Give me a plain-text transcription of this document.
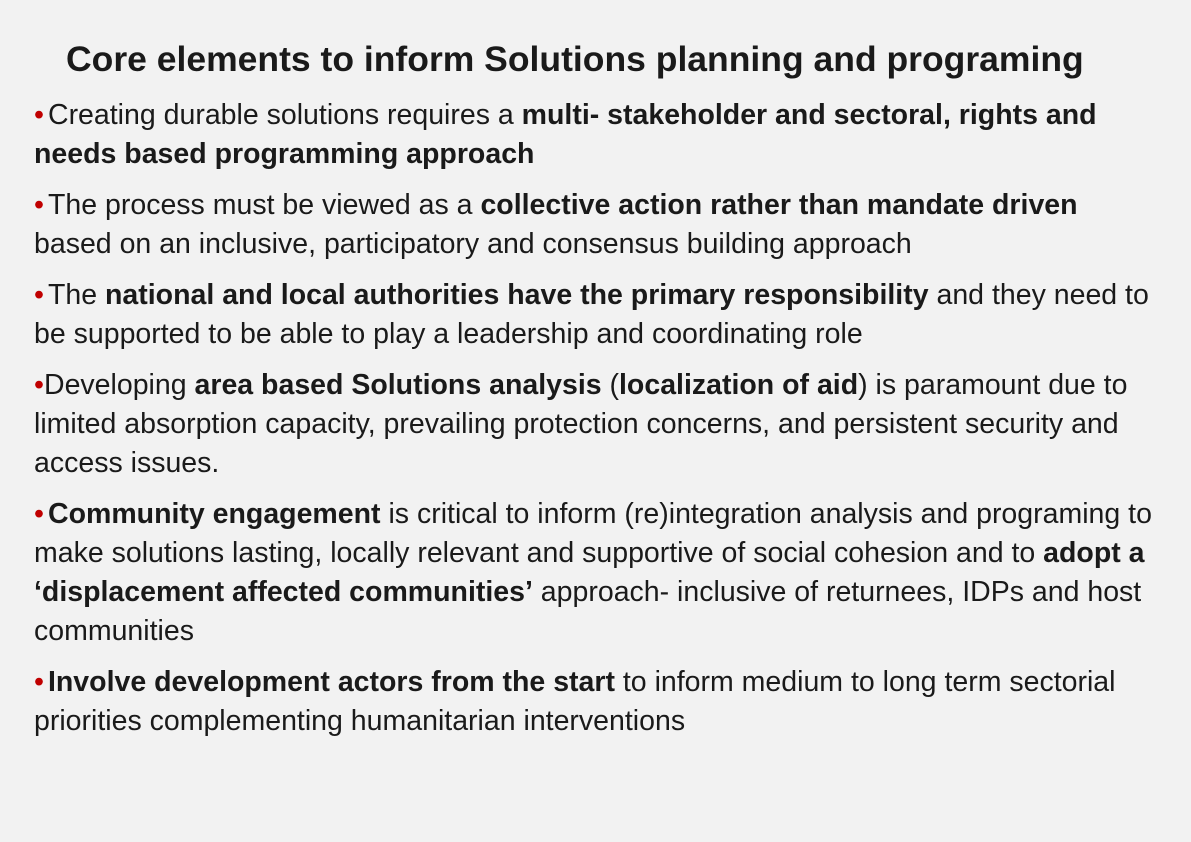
Core elements to inform Solutions planning and programing
• Creating durable solutions requires a multi- stakeholder and sectoral, rights and needs based programming approach
• The process must be viewed as a collective action rather than mandate driven based on an inclusive, participatory and consensus building approach
• The national and local authorities have the primary responsibility and they need to be supported to be able to play a leadership and coordinating role
•Developing area based Solutions analysis (localization of aid) is paramount due to limited absorption capacity, prevailing protection concerns, and persistent security and access issues.
• Community engagement is critical to inform (re)integration analysis and programing to make solutions lasting, locally relevant and supportive of social cohesion and to adopt a ‘displacement affected communities’ approach- inclusive of returnees, IDPs and host communities
• Involve development actors from the start to inform medium to long term sectorial priorities complementing humanitarian interventions
